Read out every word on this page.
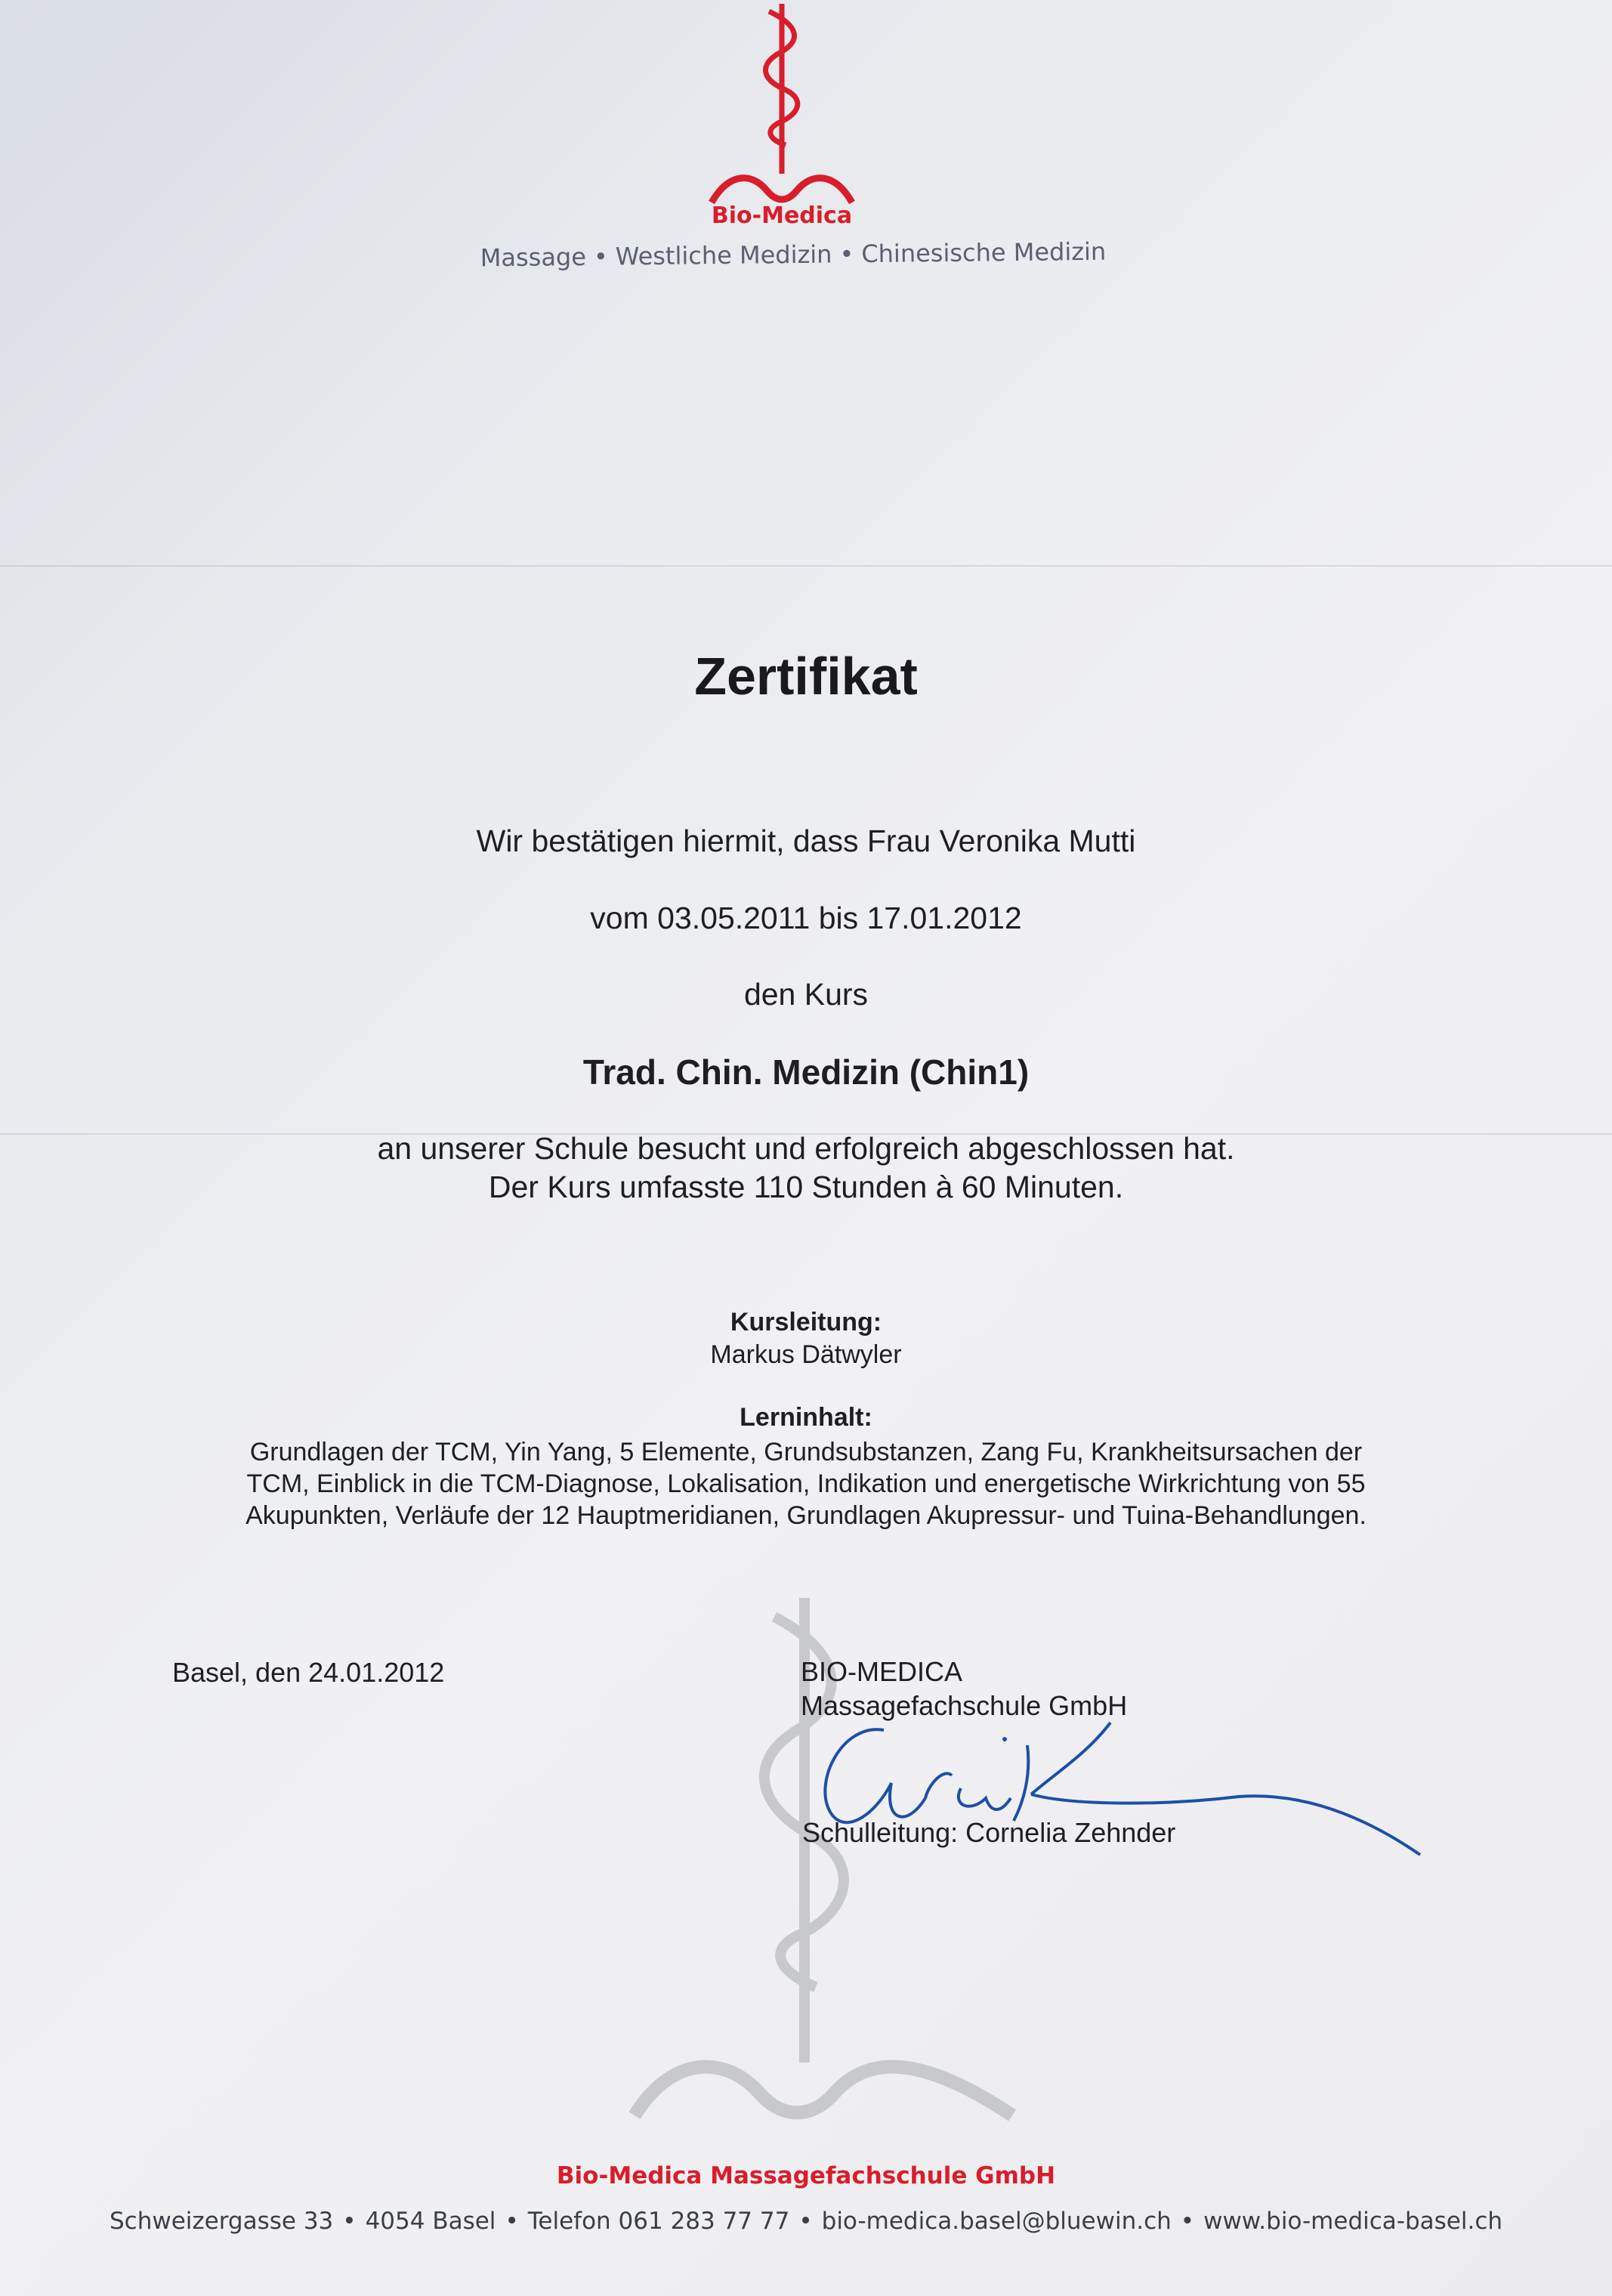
Bio-Medica
Massage • Westliche Medizin • Chinesische Medizin
Zertifikat
Wir bestätigen hiermit, dass Frau Veronika Mutti
vom 03.05.2011 bis 17.01.2012
den Kurs
Trad. Chin. Medizin (Chin1)
an unserer Schule besucht und erfolgreich abgeschlossen hat.
Der Kurs umfasste 110 Stunden à 60 Minuten.
Kursleitung:
Markus Dätwyler
Lerninhalt:
Grundlagen der TCM, Yin Yang, 5 Elemente, Grundsubstanzen, Zang Fu, Krankheitsursachen der
TCM, Einblick in die TCM-Diagnose, Lokalisation, Indikation und energetische Wirkrichtung von 55
Akupunkten, Verläufe der 12 Hauptmeridianen, Grundlagen Akupressur- und Tuina-Behandlungen.
Basel, den 24.01.2012	BIO-MEDICA
Massagefachschule GmbH
Schulleitung: Cornelia Zehnder
Bio-Medica Massagefachschule GmbH
Schweizergasse 33 • 4054 Basel • Telefon 061 283 77 77 • bio-medica.basel@bluewin.ch • www.bio-medica-basel.ch
